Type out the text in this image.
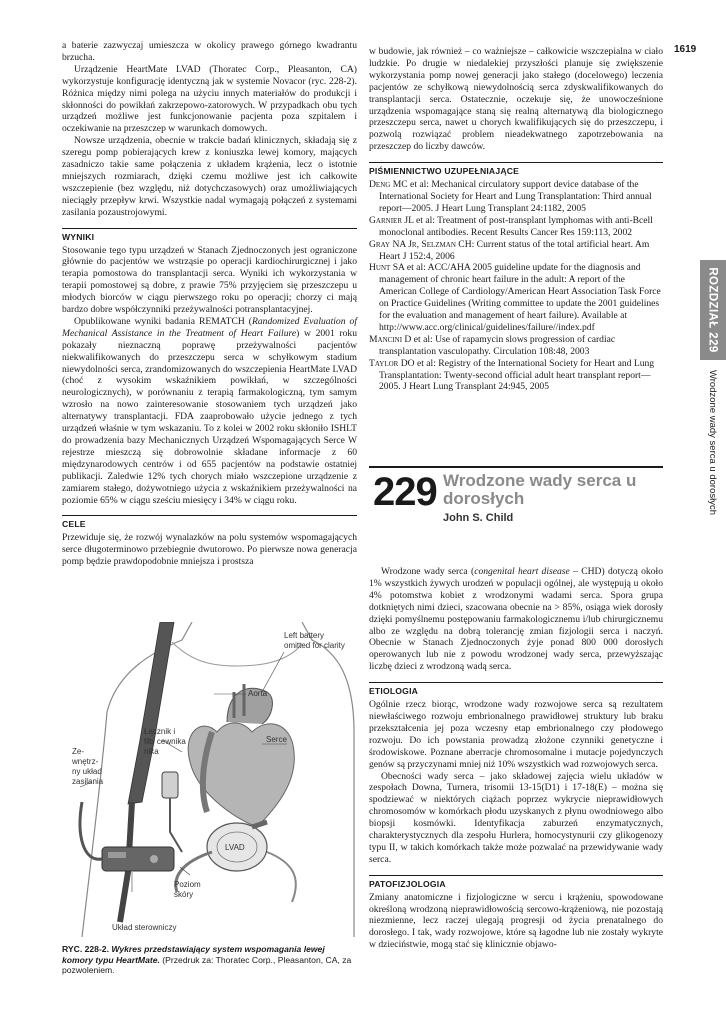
1619
ROZDZIAŁ 229
Wrodzone wady serca u dorosłych

a baterie zazwyczaj umieszcza w okolicy prawego górnego kwadrantu brzucha.

Urządzenie HeartMate LVAD (Thoratec Corp., Pleasanton, CA) wykorzystuje konfigurację identyczną jak w systemie Novacor (ryc. 228-2). Różnica między nimi polega na użyciu innych materiałów do produkcji i skłonności do powikłań zakrzepowo-zatorowych. W przypadkach obu tych urządzeń możliwe jest funkcjonowanie pacjenta poza szpitalem i oczekiwanie na przeszczep w warunkach domowych.

Nowsze urządzenia, obecnie w trakcie badań klinicznych, składają się z szeregu pomp pobierających krew z koniuszka lewej komory, mających zasadniczo takie same połączenia z układem krążenia, lecz o istotnie mniejszych rozmiarach, dzięki czemu możliwe jest ich całkowite wszczepienie (bez względu, niż dotychczasowych) oraz umożliwiających nieciągły przepływ krwi. Wszystkie nadal wymagają połączeń z systemami zasilania pozaustrojowymi.

WYNIKI

Stosowanie tego typu urządzeń w Stanach Zjednoczonych jest ograniczone głównie do pacjentów we wstrząsie po operacji kardiochirurgicznej i jako terapia pomostowa do transplantacji serca. Wyniki ich wykorzystania w terapii pomostowej są dobre, z prawie 75% przyjęciem się przeszczepu u młodych biorców w ciągu pierwszego roku po operacji; chorzy ci mają bardzo dobre współczynniki przeżywalności potransplantacyjnej.

Opublikowane wyniki badania REMATCH (Randomized Evaluation of Mechanical Assistance in the Treatment of Heart Failure) w 2001 roku pokazały nieznaczną poprawę przeżywalności pacjentów niekwalifikowanych do przeszczepu serca w schyłkowym stadium niewydolności serca, zrandomizowanych do wszczepienia HeartMate LVAD (choć z wysokim wskaźnikiem powikłań, w szczególności neurologicznych), w porównaniu z terapią farmakologiczną, tym samym wzrosło na nowo zainteresowanie stosowaniem tych urządzeń jako alternatywy transplantacji. FDA zaaprobowało użycie jednego z tych urządzeń właśnie w tym wskazaniu. To z kolei w 2002 roku skłoniło ISHLT do prowadzenia bazy Mechanicznych Urządzeń Wspomagających Serce W rejestrze mieszczą się dobrowolnie składane informacje z 60 międzynarodowych centrów i od 655 pacjentów na podstawie ostatniej publikacji. Zaledwie 12% tych chorych miało wszczepione urządzenie z zamiarem stałego, dożywotniego użycia z wskaźnikiem przeżywalności na poziomie 65% w ciągu sześciu miesięcy i 34% w ciągu roku.

CELE

Przewiduje się, że rozwój wynalazków na polu systemów wspomagających serce długoterminowo przebiegnie dwutorowo. Po pierwsze nowa generacja pomp będzie prawdopodobnie mniejsza i prostsza

Left battery
omitted for clarity
Aorta
Łącznik i
filtr cewnika
nika
Serce
Ze-
wnętrz-
ny układ
zasilania
LVAD
Poziom
skóry
Układ sterowniczy
RYC. 228-2. Wykres przedstawiający system wspomagania lewej komory typu HeartMate. (Przedruk za: Thoratec Corp., Pleasanton, CA, za pozwoleniem.

w budowie, jak również – co ważniejsze – całkowicie wszczepialna w ciało ludzkie. Po drugie w niedalekiej przyszłości planuje się zwiększenie wykorzystania pomp nowej generacji jako stałego (docelowego) leczenia pacjentów ze schyłkową niewydolnością serca zdyskwalifikowanych do transplantacji serca. Ostatecznie, oczekuje się, że unowocześnione urządzenia wspomagające staną się realną alternatywą dla biologicznego przeszczepu serca, nawet u chorych kwalifikujących się do przeszczepu, i pozwolą rozwiązać problem nieadekwatnego zapotrzebowania na przeszczep do liczby dawców.

PIŚMIENNICTWO UZUPEŁNIAJĄCE

Deng MC et al: Mechanical circulatory support device database of the International Society for Heart and Lung Transplantation: Third annual report—2005. J Heart Lung Transplant 24:1182, 2005

Garnier JL et al: Treatment of post-transplant lymphomas with anti-Bcell monoclonal antibodies. Recent Results Cancer Res 159:113, 2002

Gray NA Jr, Selzman CH: Current status of the total artificial heart. Am Heart J 152:4, 2006

Hunt SA et al: ACC/AHA 2005 guideline update for the diagnosis and management of chronic heart failure in the adult: A report of the American College of Cardiology/American Heart Association Task Force on Practice Guidelines (Writing committee to update the 2001 guidelines for the evaluation and management of heart failure). Available at http://www.acc.org/clinical/guidelines/failure//index.pdf

Mancini D et al: Use of rapamycin slows progression of cardiac transplantation vasculopathy. Circulation 108:48, 2003

Taylor DO et al: Registry of the International Society for Heart and Lung Transplantation: Twenty-second official adult heart transplant report—2005. J Heart Lung Transplant 24:945, 2005

229 Wrodzone wady serca u dorosłych
John S. Child

Wrodzone wady serca (congenital heart disease – CHD) dotyczą około 1% wszystkich żywych urodzeń w populacji ogólnej, ale występują u około 4% potomstwa kobiet z wrodzonymi wadami serca. Spora grupa dotkniętych nimi dzieci, szacowana obecnie na > 85%, osiąga wiek dorosły dzięki pomyślnemu postępowaniu farmakologicznemu i/lub chirurgicznemu albo ze względu na dobrą tolerancję zmian fizjologii serca i naczyń. Obecnie w Stanach Zjednoczonych żyje ponad 800 000 dorosłych operowanych lub nie z powodu wrodzonej wady serca, przewyższając liczbę dzieci z wrodzoną wadą serca.

ETIOLOGIA

Ogólnie rzecz biorąc, wrodzone wady rozwojowe serca są rezultatem niewłaściwego rozwoju embrionalnego prawidłowej struktury lub braku przekształcenia jej poza wczesny etap embrionalnego czy płodowego rozwoju. Do ich powstania prowadzą złożone czynniki genetyczne i środowiskowe. Poznane aberracje chromosomalne i mutacje pojedynczych genów są przyczynami mniej niż 10% wszystkich wad rozwojowych serca.

Obecności wady serca – jako składowej zajęcia wielu układów w zespołach Downa, Turnera, trisomii 13-15(D1) i 17-18(E) – można się spodziewać w niektórych ciążach poprzez wykrycie nieprawidłowych chromosomów w komórkach płodu uzyskanych z płynu owodniowego albo biopsji kosmówki. Identyfikacja zaburzeń enzymatycznych, charakterystycznych dla zespołu Hurlera, homocystynurii czy glikogenozy typu II, w takich komórkach także może pozwalać na przewidywanie wady serca.

PATOFIZJOLOGIA

Zmiany anatomiczne i fizjologiczne w sercu i krążeniu, spowodowane określoną wrodzoną nieprawidłowością sercowo-krążeniową, nie pozostają niezmienne, lecz raczej ulegają progresji od życia prenatalnego do dorosłego. I tak, wady rozwojowe, które są łagodne lub nie zostały wykryte w dzieciństwie, mogą stać się klinicznie objawo-
